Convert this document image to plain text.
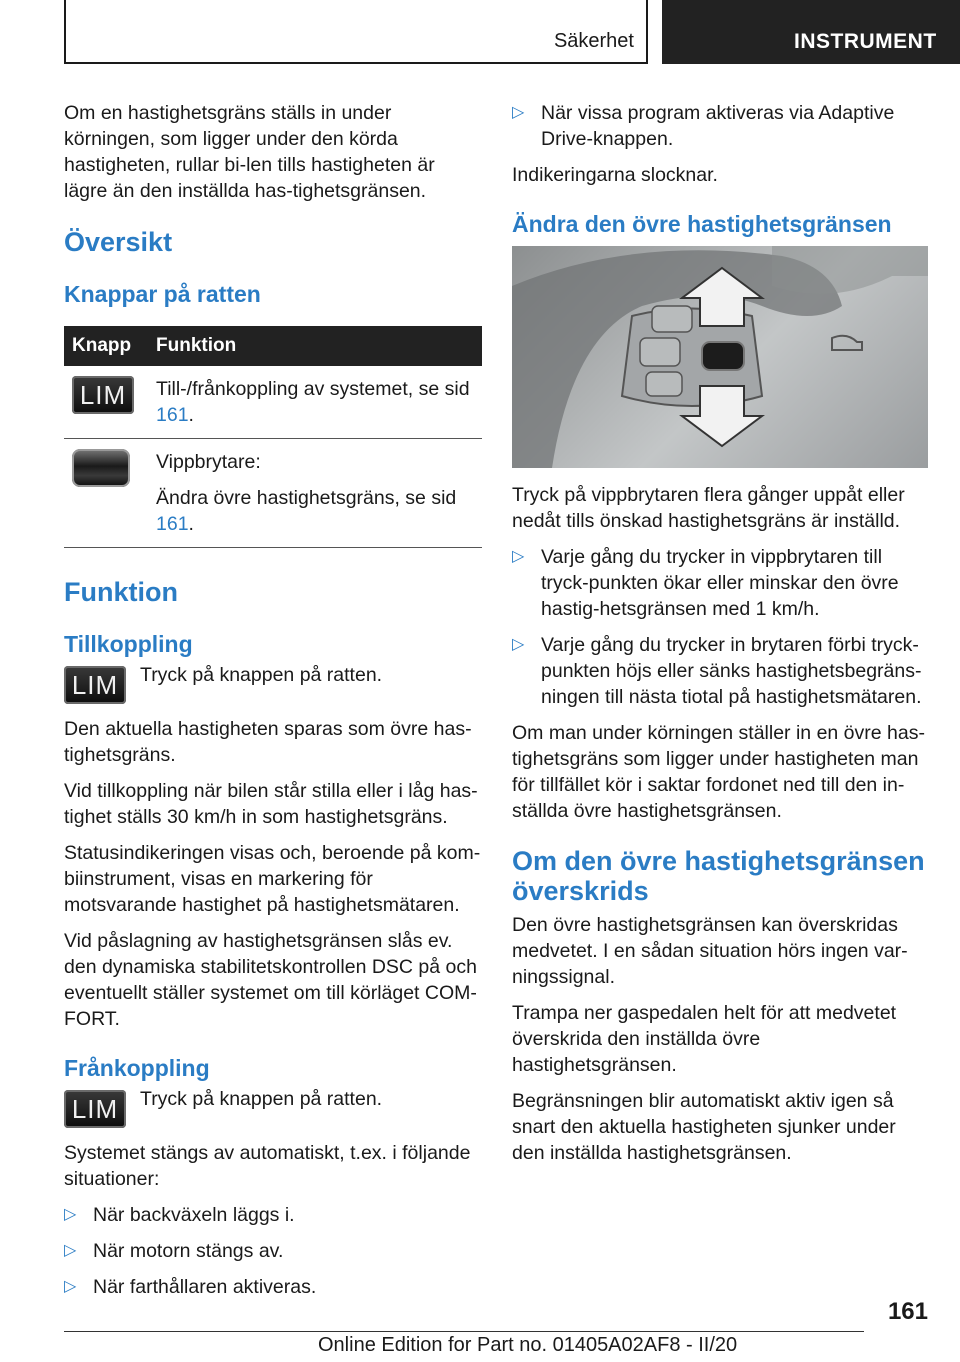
Säkerhet	INSTRUMENT

Om en hastighetsgräns ställs in under körningen, som ligger under den körda hastigheten, rullar bi-len tills hastigheten är lägre än den inställda has-tighetsgränsen.

Översikt
Knappar på ratten
Knapp	Funktion
LIM	Till-/frånkoppling av systemet, se sid 161.

	Vippbrytare:
Ändra övre hastighetsgräns, se sid 161.
Funktion
Tillkoppling
LIM	Tryck på knappen på ratten.

Den aktuella hastigheten sparas som övre has-tighetsgräns.

Vid tillkoppling när bilen står stilla eller i låg has-tighet ställs 30 km/h in som hastighetsgräns.

Statusindikeringen visas och, beroende på kom-biinstrument, visas en markering för motsvarande hastighet på hastighetsmätaren.

Vid påslagning av hastighetsgränsen slås ev. den dynamiska stabilitetskontrollen DSC på och eventuellt ställer systemet om till körläget COM-FORT.

Frånkoppling
LIM	Tryck på knappen på ratten.

Systemet stängs av automatiskt, t.ex. i följande situationer:

▷ När backväxeln läggs i.
▷ När motorn stängs av.
▷ När farthållaren aktiveras.
▷ När vissa program aktiveras via Adaptive Drive-knappen.

Indikeringarna slocknar.

Ändra den övre hastighetsgränsen

Tryck på vippbrytaren flera gånger uppåt eller nedåt tills önskad hastighetsgräns är inställd.

▷ Varje gång du trycker in vippbrytaren till tryck-punkten ökar eller minskar den övre hastig-hetsgränsen med 1 km/h.
▷ Varje gång du trycker in brytaren förbi tryck-punkten höjs eller sänks hastighetsbegräns-ningen till nästa tiotal på hastighetsmätaren.

Om man under körningen ställer in en övre has-tighetsgräns som ligger under hastigheten man för tillfället kör i saktar fordonet ned till den in-ställda övre hastighetsgränsen.

Om den övre hastighetsgränsen överskrids

Den övre hastighetsgränsen kan överskridas medvetet. I en sådan situation hörs ingen var-ningssignal.

Trampa ner gaspedalen helt för att medvetet överskrida den inställda övre hastighetsgränsen.

Begränsningen blir automatiskt aktiv igen så snart den aktuella hastigheten sjunker under den inställda hastighetsgränsen.

161
Online Edition for Part no. 01405A02AF8 - II/20
